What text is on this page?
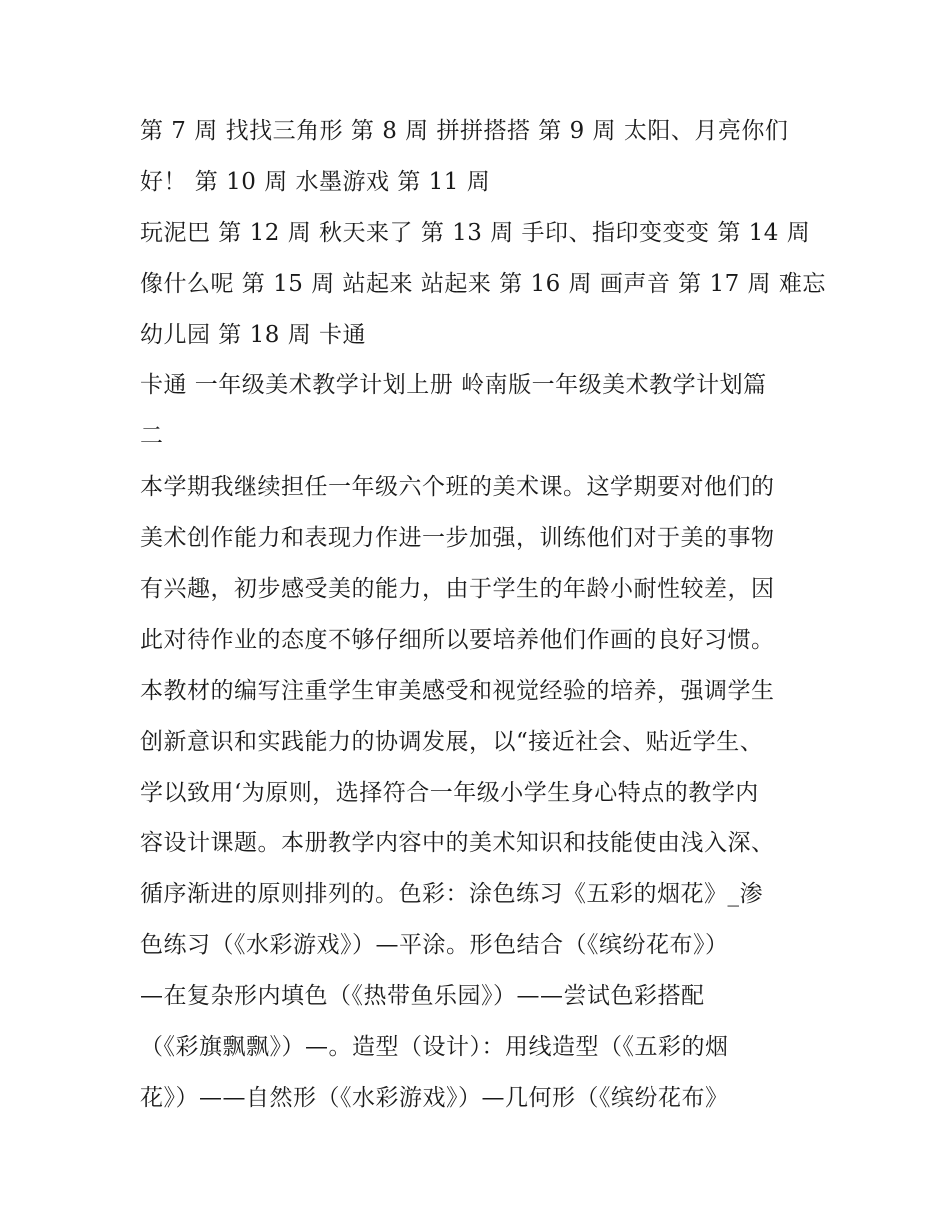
第 7 周 找找三角形 第 8 周 拼拼搭搭 第 9 周 太阳、月亮你们
好！ 第 10 周 水墨游戏 第 11 周
玩泥巴 第 12 周 秋天来了 第 13 周 手印、指印变变变 第 14 周
像什么呢 第 15 周 站起来 站起来 第 16 周 画声音 第 17 周 难忘
幼儿园 第 18 周 卡通
卡通 一年级美术教学计划上册 岭南版一年级美术教学计划篇
二
本学期我继续担任一年级六个班的美术课。这学期要对他们的
美术创作能力和表现力作进一步加强，训练他们对于美的事物
有兴趣，初步感受美的能力，由于学生的年龄小耐性较差，因
此对待作业的态度不够仔细所以要培养他们作画的良好习惯。
本教材的编写注重学生审美感受和视觉经验的培养，强调学生
创新意识和实践能力的协调发展，以“接近社会、贴近学生、
学以致用‘为原则，选择符合一年级小学生身心特点的教学内
容设计课题。本册教学内容中的美术知识和技能使由浅入深、
循序渐进的原则排列的。色彩：涂色练习《五彩的烟花》_渗
色练习（《水彩游戏》）—平涂。形色结合（《缤纷花布》）
—在复杂形内填色（《热带鱼乐园》）——尝试色彩搭配
（《彩旗飘飘》）—。造型（设计）：用线造型（《五彩的烟
花》）——自然形（《水彩游戏》）—几何形（《缤纷花布》
